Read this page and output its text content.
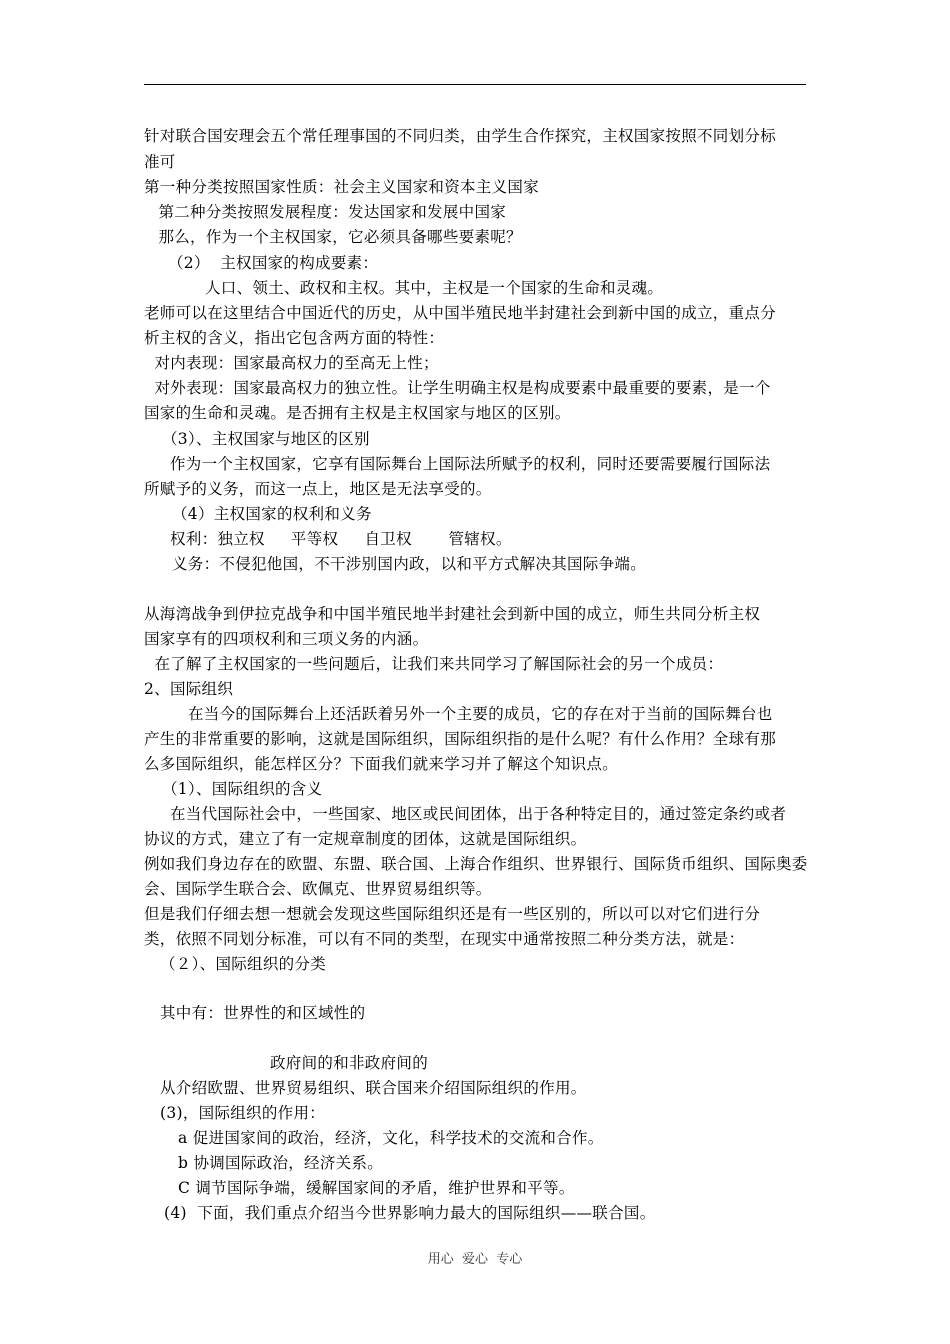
针对联合国安理会五个常任理事国的不同归类，由学生合作探究，主权国家按照不同划分标
准可
第一种分类按照国家性质：社会主义国家和资本主义国家
第二种分类按照发展程度：发达国家和发展中国家
那么，作为一个主权国家，它必须具备哪些要素呢？
（2）  主权国家的构成要素：
人口、领土、政权和主权。其中，主权是一个国家的生命和灵魂。
老师可以在这里结合中国近代的历史，从中国半殖民地半封建社会到新中国的成立，重点分
析主权的含义，指出它包含两方面的特性：
对内表现：国家最高权力的至高无上性；
对外表现：国家最高权力的独立性。让学生明确主权是构成要素中最重要的要素，是一个
国家的生命和灵魂。是否拥有主权是主权国家与地区的区别。
（3）、主权国家与地区的区别
作为一个主权国家，它享有国际舞台上国际法所赋予的权利，同时还要需要履行国际法
所赋予的义务，而这一点上，地区是无法享受的。
（4）主权国家的权利和义务
权利：独立权     平等权     自卫权       管辖权。
义务：不侵犯他国，不干涉别国内政，以和平方式解决其国际争端。
从海湾战争到伊拉克战争和中国半殖民地半封建社会到新中国的成立，师生共同分析主权
国家享有的四项权利和三项义务的内涵。
在了解了主权国家的一些问题后，让我们来共同学习了解国际社会的另一个成员：
2、国际组织
在当今的国际舞台上还活跃着另外一个主要的成员，它的存在对于当前的国际舞台也
产生的非常重要的影响，这就是国际组织，国际组织指的是什么呢？有什么作用？全球有那
么多国际组织，能怎样区分？下面我们就来学习并了解这个知识点。
（1）、国际组织的含义
在当代国际社会中，一些国家、地区或民间团体，出于各种特定目的，通过签定条约或者
协议的方式，建立了有一定规章制度的团体，这就是国际组织。
例如我们身边存在的欧盟、东盟、联合国、上海合作组织、世界银行、国际货币组织、国际奥委
会、国际学生联合会、欧佩克、世界贸易组织等。
但是我们仔细去想一想就会发现这些国际组织还是有一些区别的，所以可以对它们进行分
类，依照不同划分标准，可以有不同的类型，在现实中通常按照二种分类方法，就是：
（２）、国际组织的分类
其中有：世界性的和区域性的
政府间的和非政府间的
从介绍欧盟、世界贸易组织、联合国来介绍国际组织的作用。
(3)，国际组织的作用：
a 促进国家间的政治，经济，文化，科学技术的交流和合作。
b 协调国际政治，经济关系。
C 调节国际争端，缓解国家间的矛盾，维护世界和平等。
(4)  下面，我们重点介绍当今世界影响力最大的国际组织——联合国。
用心  爱心  专心
